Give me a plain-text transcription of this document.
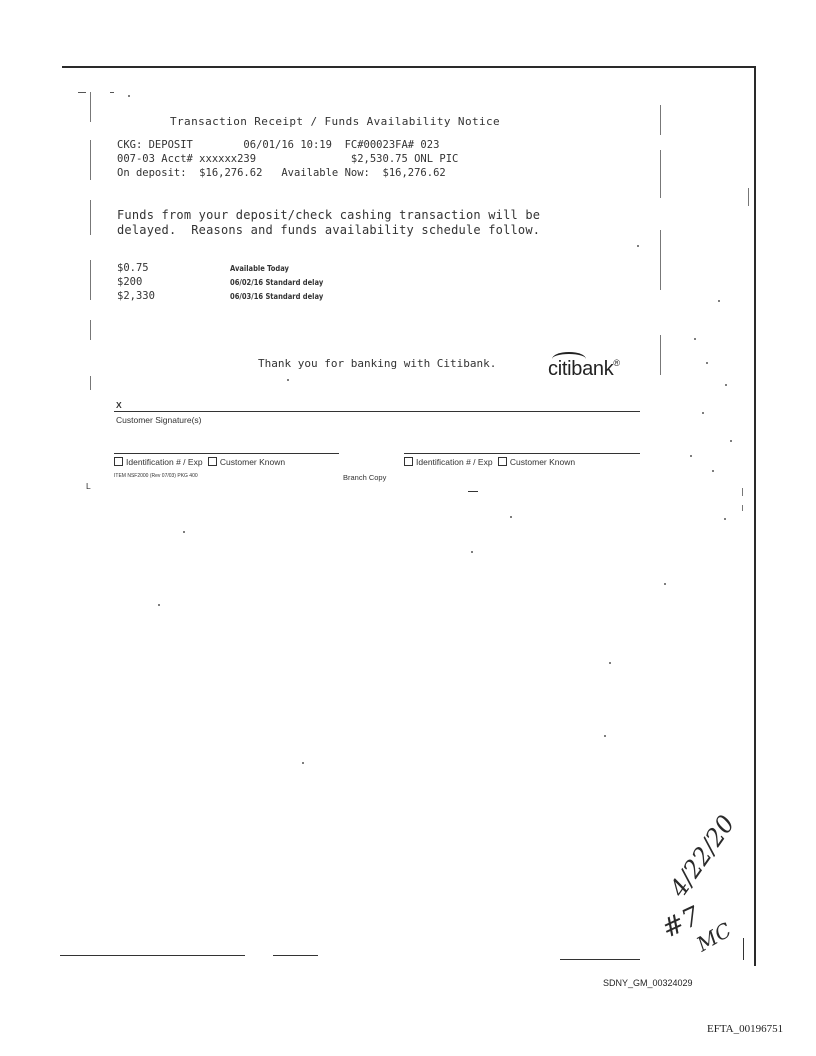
Transaction Receipt / Funds Availability Notice
CKG: DEPOSIT        06/01/16 10:19  FC#00023FA# 023
007-03 Acct# xxxxxx239               $2,530.75 ONL PIC
On deposit:  $16,276.62   Available Now:  $16,276.62
Funds from your deposit/check cashing transaction will be
delayed.  Reasons and funds availability schedule follow.
$0.75	Available Today
$200	06/02/16 Standard delay
$2,330	06/03/16 Standard delay
Thank you for banking with Citibank.	citibank®
X
Customer Signature(s)
Identification # / Exp Customer Known	Identification # / Exp Customer Known
ITEM NSF2000 (Rev 07/03) PKG 400	Branch Copy
L
4/22/20
#7
MC
SDNY_GM_00324029
EFTA_00196751
